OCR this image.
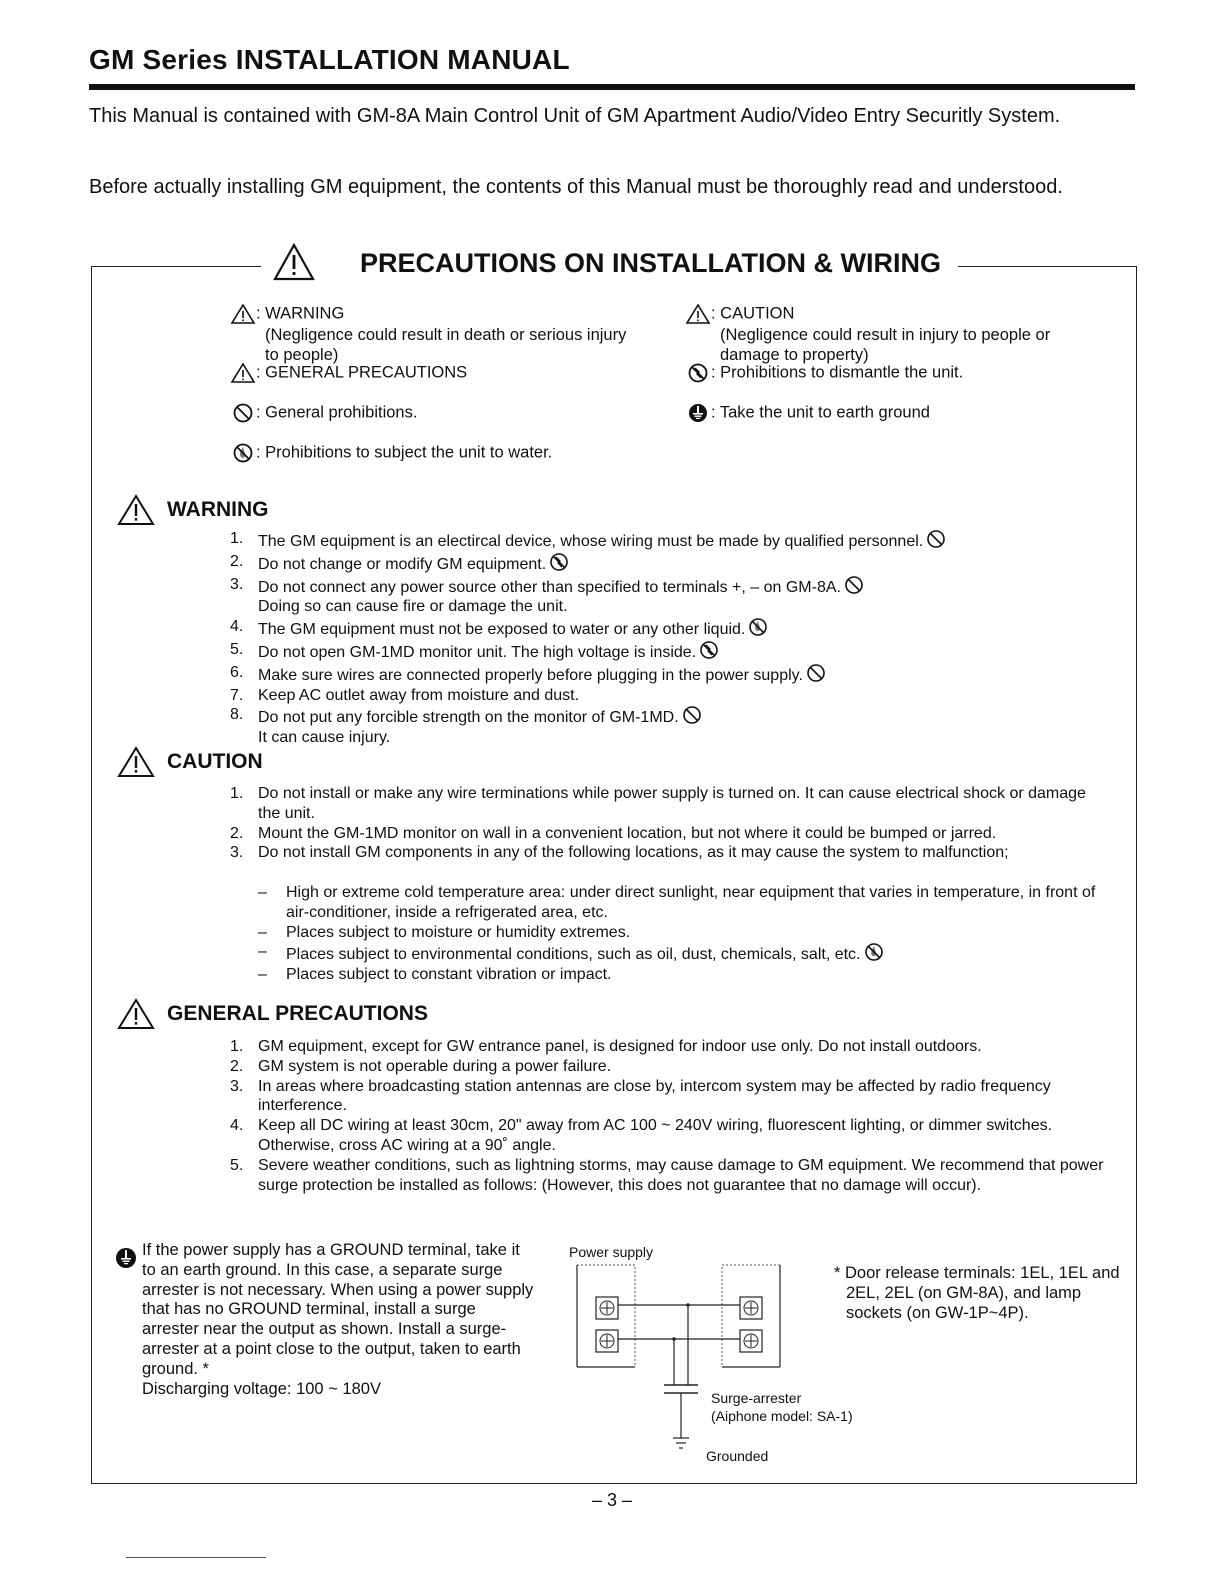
GM Series INSTALLATION MANUAL
This Manual is contained with GM-8A Main Control Unit of GM Apartment Audio/Video Entry Securitly System.
Before actually installing GM equipment, the contents of this Manual must be thoroughly read and understood.
PRECAUTIONS ON INSTALLATION & WIRING
: WARNING
(Negligence could result in death or serious injury to people)
: GENERAL PRECAUTIONS
: General prohibitions.
: Prohibitions to subject the unit to water.
: CAUTION
(Negligence could result in injury to people or damage to property)
: Prohibitions to dismantle the unit.
: Take the unit to earth ground
WARNING
1. The GM equipment is an electircal device, whose wiring must be made by qualified personnel.
2. Do not change or modify GM equipment.
3. Do not connect any power source other than specified to terminals +, – on GM-8A.
Doing so can cause fire or damage the unit.
4. The GM equipment must not be exposed to water or any other liquid.
5. Do not open GM-1MD monitor unit. The high voltage is inside.
6. Make sure wires are connected properly before plugging in the power supply.
7. Keep AC outlet away from moisture and dust.
8. Do not put any forcible strength on the monitor of GM-1MD.
It can cause injury.
CAUTION
1. Do not install or make any wire terminations while power supply is turned on. It can cause electrical shock or damage the unit.
2. Mount the GM-1MD monitor on wall in a convenient location, but not where it could be bumped or jarred.
3. Do not install GM components in any of the following locations, as it may cause the system to malfunction;
– High or extreme cold temperature area: under direct sunlight, near equipment that varies in temperature, in front of air-conditioner, inside a refrigerated area, etc.
– Places subject to moisture or humidity extremes.
– Places subject to environmental conditions, such as oil, dust, chemicals, salt, etc.
– Places subject to constant vibration or impact.
GENERAL PRECAUTIONS
1. GM equipment, except for GW entrance panel, is designed for indoor use only. Do not install outdoors.
2. GM system is not operable during a power failure.
3. In areas where broadcasting station antennas are close by, intercom system may be affected by radio frequency interference.
4. Keep all DC wiring at least 30cm, 20" away from AC 100 ~ 240V wiring, fluorescent lighting, or dimmer switches. Otherwise, cross AC wiring at a 90˚ angle.
5. Severe weather conditions, such as lightning storms, may cause damage to GM equipment. We recommend that power surge protection be installed as follows: (However, this does not guarantee that no damage will occur).
If the power supply has a GROUND terminal, take it to an earth ground. In this case, a separate surge arrester is not necessary. When using a power supply that has no GROUND terminal, install a surge arrester near the output as shown. Install a surge-arrester at a point close to the output, taken to earth ground. *
Discharging voltage: 100 ~ 180V
Power supply
Surge-arrester
(Aiphone model: SA-1)
Grounded
* Door release terminals: 1EL, 1EL and 2EL, 2EL (on GM-8A), and lamp sockets (on GW-1P~4P).
– 3 –
